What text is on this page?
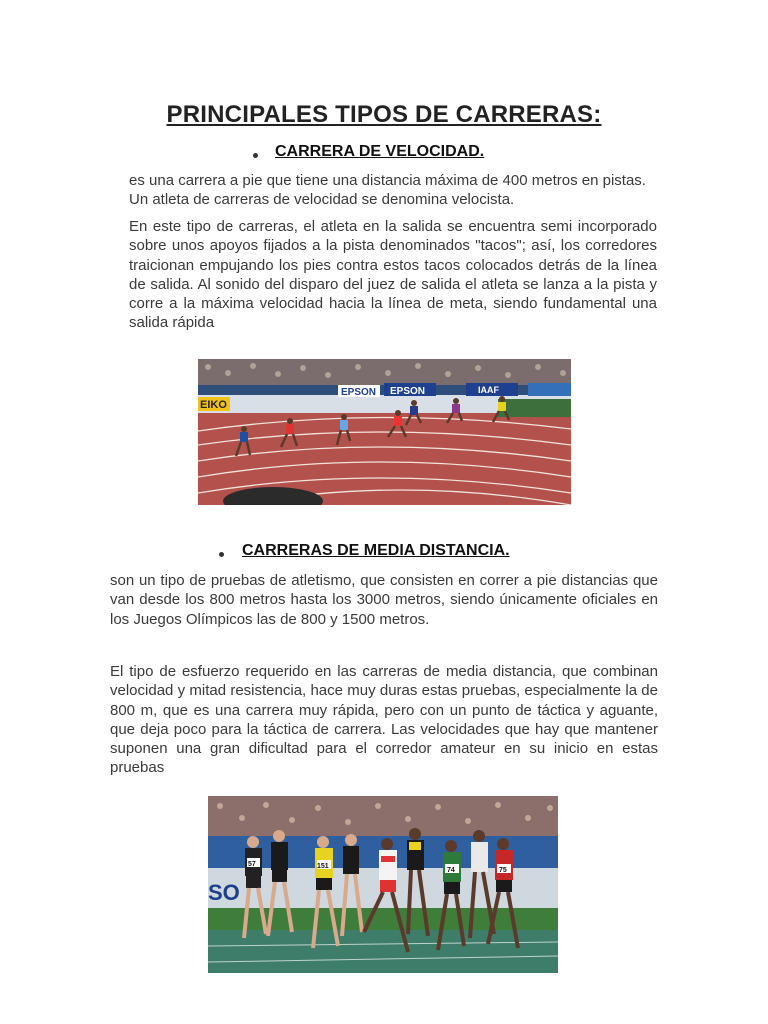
PRINCIPALES TIPOS DE CARRERAS:
CARRERA DE VELOCIDAD.

es una carrera a pie que tiene una distancia máxima de 400 metros en pistas. Un atleta de carreras de velocidad se denomina velocista.

En este tipo de carreras, el atleta en la salida se encuentra semi incorporado sobre unos apoyos fijados a la pista denominados "tacos"; así, los corredores traicionan empujando los pies contra estos tacos colocados detrás de la línea de salida. Al sonido del disparo del juez de salida el atleta se lanza a la pista y corre a la máxima velocidad hacia la línea de meta, siendo fundamental una salida rápida

EIKO
EPSON EPSON	IAAF
CARRERAS DE MEDIA DISTANCIA.

son un tipo de pruebas de atletismo, que consisten en correr a pie distancias que van desde los 800 metros hasta los 3000 metros, siendo únicamente oficiales en los Juegos Olímpicos las de 800 y 1500 metros.

El tipo de esfuerzo requerido en las carreras de media distancia, que combinan velocidad y mitad resistencia, hace muy duras estas pruebas, especialmente la de 800 m, que es una carrera muy rápida, pero con un punto de táctica y aguante, que deja poco para la táctica de carrera. Las velocidades que hay que mantener suponen una gran dificultad para el corredor amateur en su inicio en estas pruebas

SO
57	151
74	75
